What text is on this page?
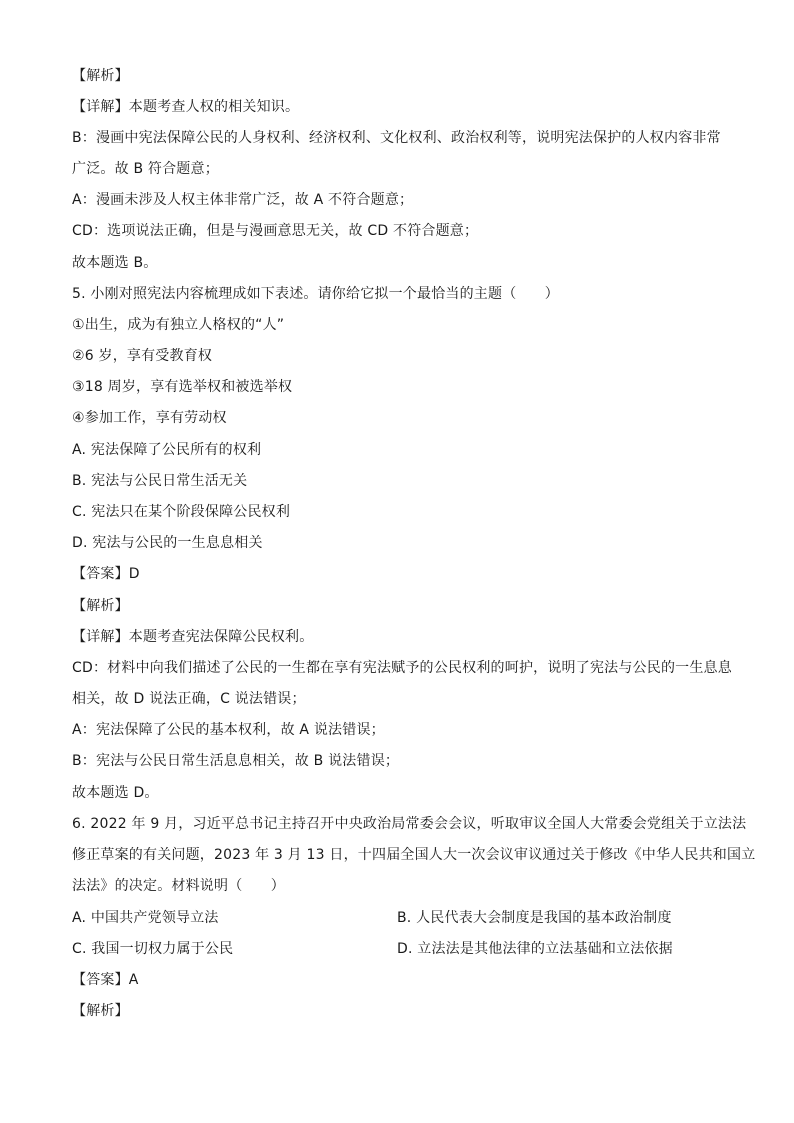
【解析】
【详解】本题考查人权的相关知识。
B：漫画中宪法保障公民的人身权利、经济权利、文化权利、政治权利等，说明宪法保护的人权内容非常
广泛。故 B 符合题意；
A：漫画未涉及人权主体非常广泛，故 A 不符合题意；
CD：选项说法正确，但是与漫画意思无关，故 CD 不符合题意；
故本题选 B。
5. 小刚对照宪法内容梳理成如下表述。请你给它拟一个最恰当的主题（　　）
①出生，成为有独立人格权的“人”
②6 岁，享有受教育权
③18 周岁，享有选举权和被选举权
④参加工作，享有劳动权
A. 宪法保障了公民所有的权利
B. 宪法与公民日常生活无关
C. 宪法只在某个阶段保障公民权利
D. 宪法与公民的一生息息相关
【答案】D
【解析】
【详解】本题考查宪法保障公民权利。
CD：材料中向我们描述了公民的一生都在享有宪法赋予的公民权利的呵护，说明了宪法与公民的一生息息
相关，故 D 说法正确，C 说法错误；
A：宪法保障了公民的基本权利，故 A 说法错误；
B：宪法与公民日常生活息息相关，故 B 说法错误；
故本题选 D。
6. 2022 年 9 月，习近平总书记主持召开中央政治局常委会会议，听取审议全国人大常委会党组关于立法法
修正草案的有关问题，2023 年 3 月 13 日，十四届全国人大一次会议审议通过关于修改《中华人民共和国立
法法》的决定。材料说明（　　）
A. 中国共产党领导立法	B. 人民代表大会制度是我国的基本政治制度
C. 我国一切权力属于公民	D. 立法法是其他法律的立法基础和立法依据
【答案】A
【解析】
